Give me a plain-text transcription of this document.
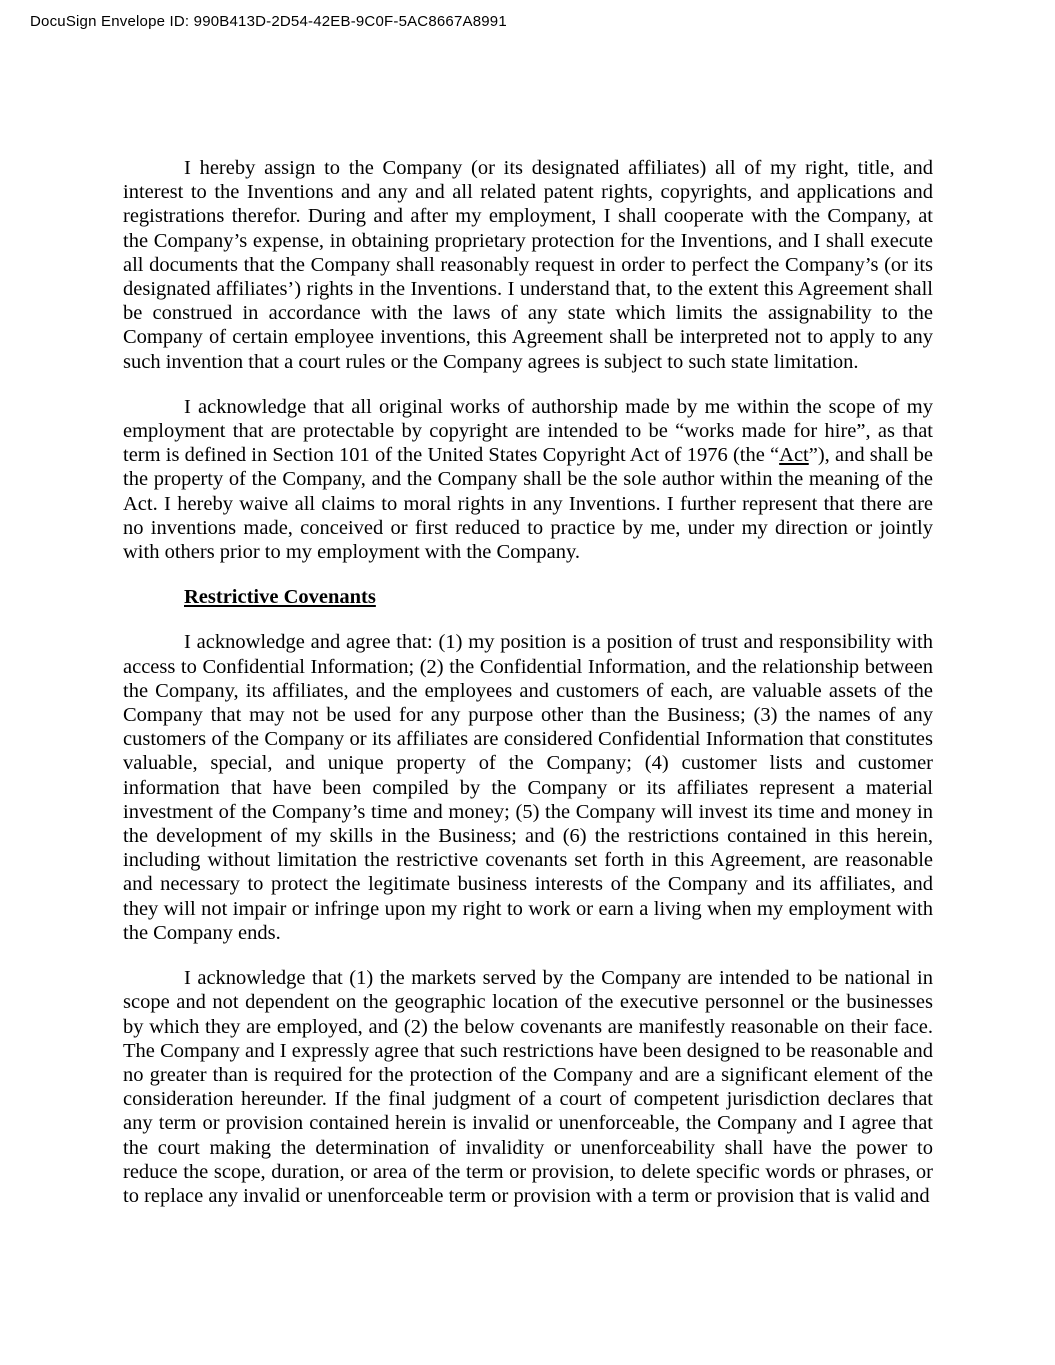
DocuSign Envelope ID: 990B413D-2D54-42EB-9C0F-5AC8667A8991

I hereby assign to the Company (or its designated affiliates) all of my right, title, and interest to the Inventions and any and all related patent rights, copyrights, and applications and registrations therefor. During and after my employment, I shall cooperate with the Company, at the Company’s expense, in obtaining proprietary protection for the Inventions, and I shall execute all documents that the Company shall reasonably request in order to perfect the Company’s (or its designated affiliates’) rights in the Inventions. I understand that, to the extent this Agreement shall be construed in accordance with the laws of any state which limits the assignability to the Company of certain employee inventions, this Agreement shall be interpreted not to apply to any such invention that a court rules or the Company agrees is subject to such state limitation.

I acknowledge that all original works of authorship made by me within the scope of my employment that are protectable by copyright are intended to be “works made for hire”, as that term is defined in Section 101 of the United States Copyright Act of 1976 (the “Act”), and shall be the property of the Company, and the Company shall be the sole author within the meaning of the Act. I hereby waive all claims to moral rights in any Inventions. I further represent that there are no inventions made, conceived or first reduced to practice by me, under my direction or jointly with others prior to my employment with the Company.

Restrictive Covenants

I acknowledge and agree that: (1) my position is a position of trust and responsibility with access to Confidential Information; (2) the Confidential Information, and the relationship between the Company, its affiliates, and the employees and customers of each, are valuable assets of the Company that may not be used for any purpose other than the Business; (3) the names of any customers of the Company or its affiliates are considered Confidential Information that constitutes valuable, special, and unique property of the Company; (4) customer lists and customer information that have been compiled by the Company or its affiliates represent a material investment of the Company’s time and money; (5) the Company will invest its time and money in the development of my skills in the Business; and (6) the restrictions contained in this herein, including without limitation the restrictive covenants set forth in this Agreement, are reasonable and necessary to protect the legitimate business interests of the Company and its affiliates, and they will not impair or infringe upon my right to work or earn a living when my employment with the Company ends.

I acknowledge that (1) the markets served by the Company are intended to be national in scope and not dependent on the geographic location of the executive personnel or the businesses by which they are employed, and (2) the below covenants are manifestly reasonable on their face. The Company and I expressly agree that such restrictions have been designed to be reasonable and no greater than is required for the protection of the Company and are a significant element of the consideration hereunder. If the final judgment of a court of competent jurisdiction declares that any term or provision contained herein is invalid or unenforceable, the Company and I agree that the court making the determination of invalidity or unenforceability shall have the power to reduce the scope, duration, or area of the term or provision, to delete specific words or phrases, or to replace any invalid or unenforceable term or provision with a term or provision that is valid and
